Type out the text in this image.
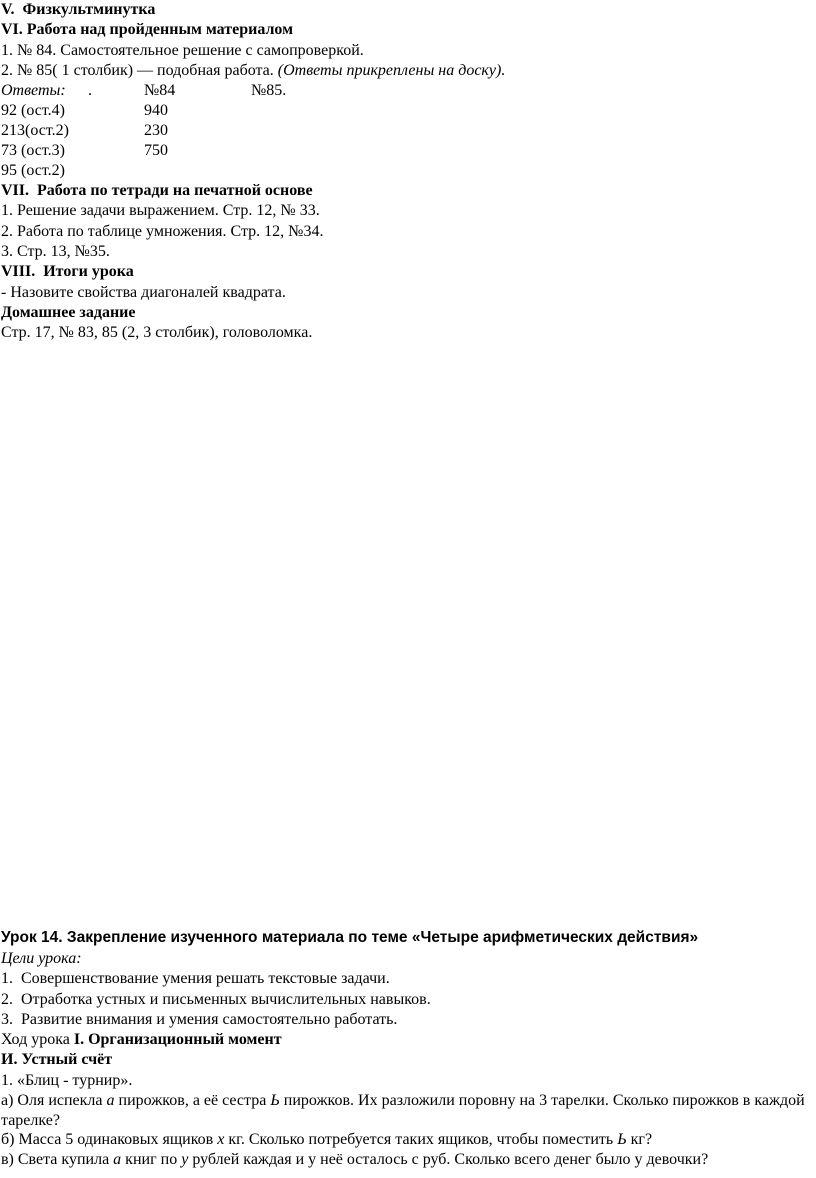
V.  Физкультминутка
VI. Работа над пройденным материалом
1. № 84. Самостоятельное решение с самопроверкой.
2. № 85( 1 столбик) — подобная работа. (Ответы прикреплены на доску).
Ответы:	.	№84	№85.
92 (ост.4)	940
213(ост.2)	230
73 (ост.3)	750
95 (ост.2)
VII.  Работа по тетради на печатной основе
1. Решение задачи выражением. Стр. 12, № 33.
2. Работа по таблице умножения. Стр. 12, №34.
3. Стр. 13, №35.
VIII.  Итоги урока
- Назовите свойства диагоналей квадрата.
Домашнее задание
Стр. 17, № 83, 85 (2, 3 столбик), головоломка.
Урок 14. Закрепление изученного материала по теме «Четыре арифметических действия»
Цели урока:
1.  Совершенствование умения решать текстовые задачи.
2.  Отработка устных и письменных вычислительных навыков.
3.  Развитие внимания и умения самостоятельно работать.
Ход урока I. Организационный момент
И. Устный счёт
1. «Блиц - турнир».
а) Оля испекла а пирожков, а её сестра Ь пирожков. Их разложили поровну на 3 тарелки. Сколько пирожков в каждой тарелке?
б) Масса 5 одинаковых ящиков х кг. Сколько потребуется таких ящиков, чтобы поместить Ь кг?
в) Света купила а книг по у рублей каждая и у неё осталось с руб. Сколько всего денег было у девочки?
